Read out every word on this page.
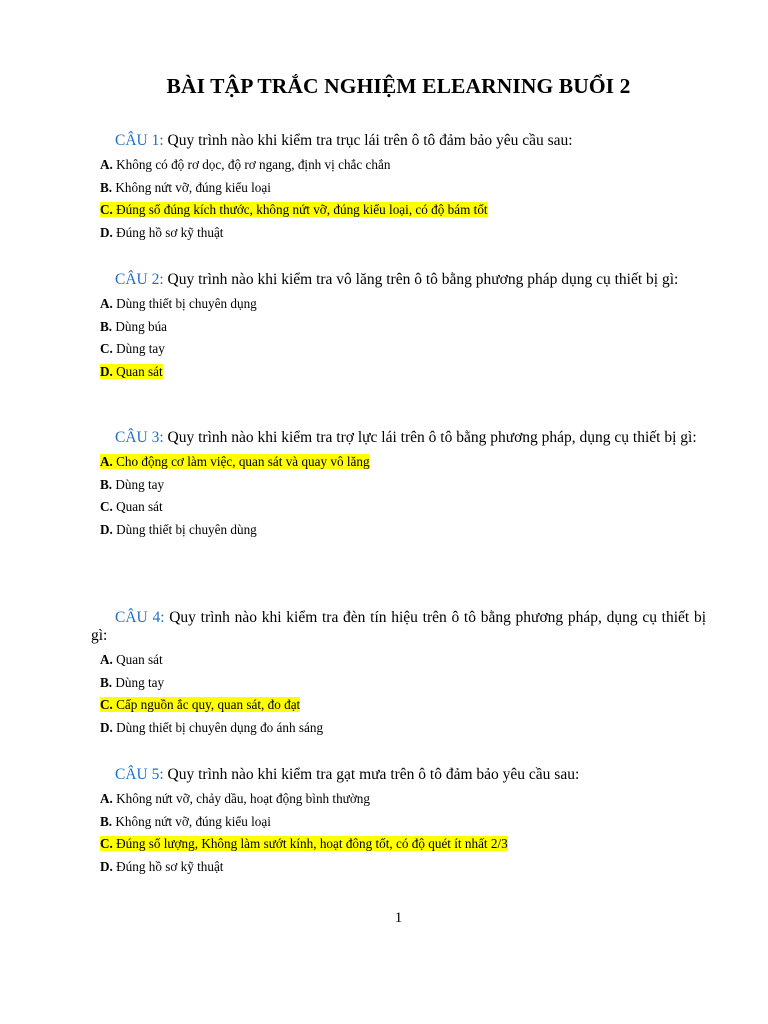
BÀI TẬP TRẮC NGHIỆM ELEARNING BUỔI 2

CÂU 1: Quy trình nào khi kiểm tra trục lái trên ô tô đảm bảo yêu cầu sau:

A. Không có độ rơ dọc, độ rơ ngang, định vị chắc chắn
B. Không nứt vỡ, đúng kiểu loại
C. Đúng số đúng kích thước, không nứt vỡ, đúng kiểu loại, có độ bám tốt
D. Đúng hồ sơ kỹ thuật

CÂU 2: Quy trình nào khi kiểm tra vô lăng trên ô tô bằng phương pháp dụng cụ thiết bị gì:

A. Dùng thiết bị chuyên dụng
B. Dùng búa
C. Dùng tay
D. Quan sát

CÂU 3: Quy trình nào khi kiểm tra trợ lực lái trên ô tô bằng phương pháp, dụng cụ thiết bị gì:

A. Cho động cơ làm việc, quan sát và quay vô lăng
B. Dùng tay
C. Quan sát
D. Dùng thiết bị chuyên dùng

CÂU 4: Quy trình nào khi kiểm tra đèn tín hiệu trên ô tô bằng phương pháp, dụng cụ thiết bị gì:

A. Quan sát
B. Dùng tay
C. Cấp nguồn ắc quy, quan sát, đo đạt
D. Dùng thiết bị chuyên dụng đo ánh sáng

CÂU 5: Quy trình nào khi kiểm tra gạt mưa trên ô tô đảm bảo yêu cầu sau:

A. Không nứt vỡ, chảy dầu, hoạt động bình thường
B. Không nứt vỡ, đúng kiểu loại
C. Đúng số lượng, Không làm sướt kính, hoạt đông tốt, có độ quét ít nhất 2/3
D. Đúng hồ sơ kỹ thuật
1
